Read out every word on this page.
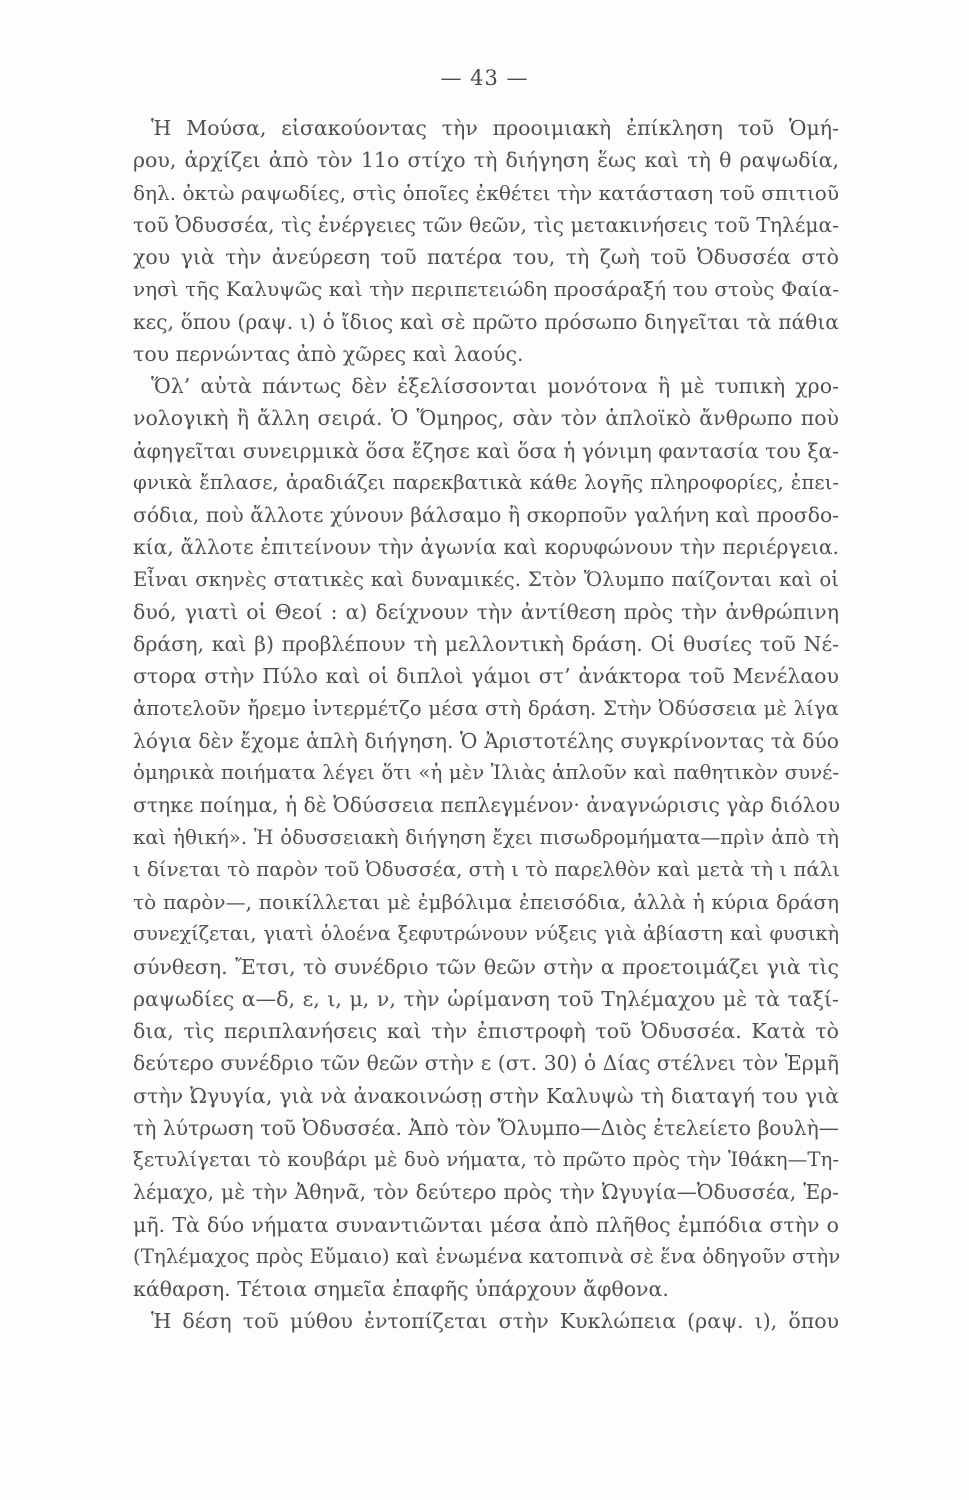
— 43 —
Ἡ Μούσα, εἰσακούοντας τὴν προοιμιακὴ ἐπίκληση τοῦ Ὁμή-
ρου, ἀρχίζει ἀπὸ τὸν 11ο στίχο τὴ διήγηση ἕως καὶ τὴ θ ραψωδία,
δηλ. ὀκτὼ ραψωδίες, στὶς ὁποῖες ἐκθέτει τὴν κατάσταση τοῦ σπιτιοῦ
τοῦ Ὀδυσσέα, τὶς ἐνέργειες τῶν θεῶν, τὶς μετακινήσεις τοῦ Τηλέμα-
χου γιὰ τὴν ἀνεύρεση τοῦ πατέρα του, τὴ ζωὴ τοῦ Ὀδυσσέα στὸ
νησὶ τῆς Καλυψῶς καὶ τὴν περιπετειώδη προσάραξή του στοὺς Φαία-
κες, ὅπου (ραψ. ι) ὁ ἴδιος καὶ σὲ πρῶτο πρόσωπο διηγεῖται τὰ πάθια
του περνώντας ἀπὸ χῶρες καὶ λαούς.
Ὅλ’ αὐτὰ πάντως δὲν ἐξελίσσονται μονότονα ἢ μὲ τυπικὴ χρο-
νολογικὴ ἢ ἄλλη σειρά. Ὁ Ὅμηρος, σὰν τὸν ἁπλοϊκὸ ἄνθρωπο ποὺ
ἀφηγεῖται συνειρμικὰ ὅσα ἔζησε καὶ ὅσα ἡ γόνιμη φαντασία του ξα-
φνικὰ ἔπλασε, ἀραδιάζει παρεκβατικὰ κάθε λογῆς πληροφορίες, ἐπει-
σόδια, ποὺ ἄλλοτε χύνουν βάλσαμο ἢ σκορποῦν γαλήνη καὶ προσδο-
κία, ἄλλοτε ἐπιτείνουν τὴν ἀγωνία καὶ κορυφώνουν τὴν περιέργεια.
Εἶναι σκηνὲς στατικὲς καὶ δυναμικές. Στὸν Ὄλυμπο παίζονται καὶ οἱ
δυό, γιατὶ οἱ Θεοί : α) δείχνουν τὴν ἀντίθεση πρὸς τὴν ἀνθρώπινη
δράση, καὶ β) προβλέπουν τὴ μελλοντικὴ δράση. Οἱ θυσίες τοῦ Νέ-
στορα στὴν Πύλο καὶ οἱ διπλοὶ γάμοι στ’ ἀνάκτορα τοῦ Μενέλαου
ἀποτελοῦν ἤρεμο ἰντερμέτζο μέσα στὴ δράση. Στὴν Ὀδύσσεια μὲ λίγα
λόγια δὲν ἔχομε ἁπλὴ διήγηση. Ὁ Ἀριστοτέλης συγκρίνοντας τὰ δύο
ὁμηρικὰ ποιήματα λέγει ὅτι «ἡ μὲν Ἰλιὰς ἁπλοῦν καὶ παθητικὸν συνέ-
στηκε ποίημα, ἡ δὲ Ὀδύσσεια πεπλεγμένον· ἀναγνώρισις γὰρ διόλου
καὶ ἠθική». Ἡ ὀδυσσειακὴ διήγηση ἔχει πισωδρομήματα—πρὶν ἀπὸ τὴ
ι δίνεται τὸ παρὸν τοῦ Ὀδυσσέα, στὴ ι τὸ παρελθὸν καὶ μετὰ τὴ ι πάλι
τὸ παρὸν—, ποικίλλεται μὲ ἐμβόλιμα ἐπεισόδια, ἀλλὰ ἡ κύρια δράση
συνεχίζεται, γιατὶ ὁλοένα ξεφυτρώνουν νύξεις γιὰ ἀβίαστη καὶ φυσικὴ
σύνθεση. Ἔτσι, τὸ συνέδριο τῶν θεῶν στὴν α προετοιμάζει γιὰ τὶς
ραψωδίες α—δ, ε, ι, μ, ν, τὴν ὡρίμανση τοῦ Τηλέμαχου μὲ τὰ ταξί-
δια, τὶς περιπλανήσεις καὶ τὴν ἐπιστροφὴ τοῦ Ὀδυσσέα. Κατὰ τὸ
δεύτερο συνέδριο τῶν θεῶν στὴν ε (στ. 30) ὁ Δίας στέλνει τὸν Ἑρμῆ
στὴν Ὠγυγία, γιὰ νὰ ἀνακοινώσῃ στὴν Καλυψὼ τὴ διαταγή του γιὰ
τὴ λύτρωση τοῦ Ὀδυσσέα. Ἀπὸ τὸν Ὄλυμπο—Διὸς ἐτελείετο βουλὴ—
ξετυλίγεται τὸ κουβάρι μὲ δυὸ νήματα, τὸ πρῶτο πρὸς τὴν Ἰθάκη—Τη-
λέμαχο, μὲ τὴν Ἀθηνᾶ, τὸν δεύτερο πρὸς τὴν Ὠγυγία—Ὀδυσσέα, Ἑρ-
μῆ. Τὰ δύο νήματα συναντιῶνται μέσα ἀπὸ πλῆθος ἐμπόδια στὴν ο
(Τηλέμαχος πρὸς Εὔμαιο) καὶ ἑνωμένα κατοπινὰ σὲ ἕνα ὁδηγοῦν στὴν
κάθαρση. Τέτοια σημεῖα ἐπαφῆς ὑπάρχουν ἄφθονα.
Ἡ δέση τοῦ μύθου ἐντοπίζεται στὴν Κυκλώπεια (ραψ. ι), ὅπου
